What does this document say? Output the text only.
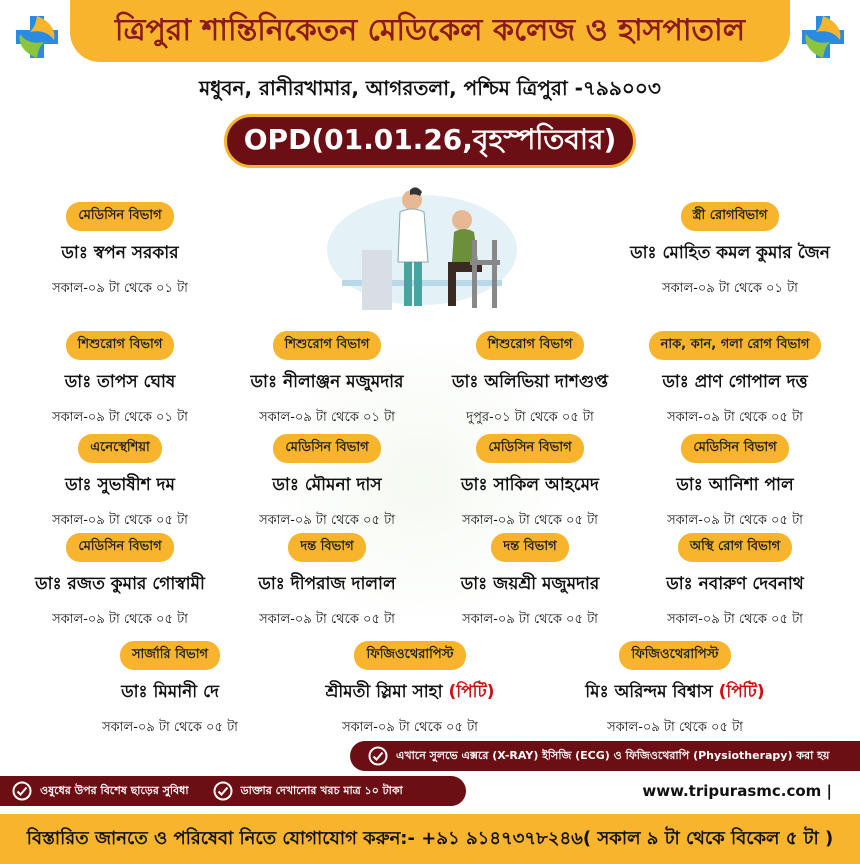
ত্রিপুরা শান্তিনিকেতন মেডিকেল কলেজ ও হাসপাতাল
মধুবন, রানীরখামার, আগরতলা, পশ্চিম ত্রিপুরা -৭৯৯০০৩
OPD(01.01.26,বৃহস্পতিবার)
মেডিসিন বিভাগ
ডাঃ স্বপন সরকার
সকাল-০৯ টা থেকে ০১ টা
স্ত্রী রোগবিভাগ
ডাঃ মোহিত কমল কুমার জৈন
সকাল-০৯ টা থেকে ০১ টা
শিশুরোগ বিভাগ
ডাঃ তাপস ঘোষ
সকাল-০৯ টা থেকে ০১ টা
শিশুরোগ বিভাগ
ডাঃ নীলাঞ্জন মজুমদার
সকাল-০৯ টা থেকে ০১ টা
শিশুরোগ বিভাগ
ডাঃ অলিভিয়া দাশগুপ্ত
দুপুর-০১ টা থেকে ০৫ টা
নাক, কান, গলা রোগ বিভাগ
ডাঃ প্রাণ গোপাল দত্ত
সকাল-০৯ টা থেকে ০৫ টা
এনেস্থেশিয়া
ডাঃ সুভাষীশ দম
সকাল-০৯ টা থেকে ০৫ টা
মেডিসিন বিভাগ
ডাঃ মৌমনা দাস
সকাল-০৯ টা থেকে ০৫ টা
মেডিসিন বিভাগ
ডাঃ সাকিল আহমেদ
সকাল-০৯ টা থেকে ০৫ টা
মেডিসিন বিভাগ
ডাঃ আনিশা পাল
সকাল-০৯ টা থেকে ০৫ টা
মেডিসিন বিভাগ
ডাঃ রজত কুমার গোস্বামী
সকাল-০৯ টা থেকে ০৫ টা
দন্ত বিভাগ
ডাঃ দীপরাজ দালাল
সকাল-০৯ টা থেকে ০৫ টা
দন্ত বিভাগ
ডাঃ জয়শ্রী মজুমদার
সকাল-০৯ টা থেকে ০৫ টা
অস্থি রোগ বিভাগ
ডাঃ নবারুণ দেবনাথ
সকাল-০৯ টা থেকে ০৫ টা
সার্জারি বিভাগ
ডাঃ মিমানী দে
সকাল-০৯ টা থেকে ০৫ টা
ফিজিওথেরাপিস্ট
শ্রীমতী স্লিমা সাহা (পিটি)
সকাল-০৯ টা থেকে ০৫ টা
ফিজিওথেরাপিস্ট
মিঃ অরিন্দম বিশ্বাস (পিটি)
সকাল-০৯ টা থেকে ০৫ টা
এখানে সুলভে এক্সরে (X-RAY) ইসিজি (ECG) ও ফিজিওথেরাপি (Physiotherapy) করা হয়
ওষুধের উপর বিশেষ ছাড়ের সুবিধা	ডাক্তার দেখানোর খরচ মাত্র ১০ টাকা	www.tripurasmc.com |
বিস্তারিত জানতে ও পরিষেবা নিতে যোগাযোগ করুন:- +৯১ ৯১৪৭৩৭৮২৪৬( সকাল ৯ টা থেকে বিকেল ৫ টা )
